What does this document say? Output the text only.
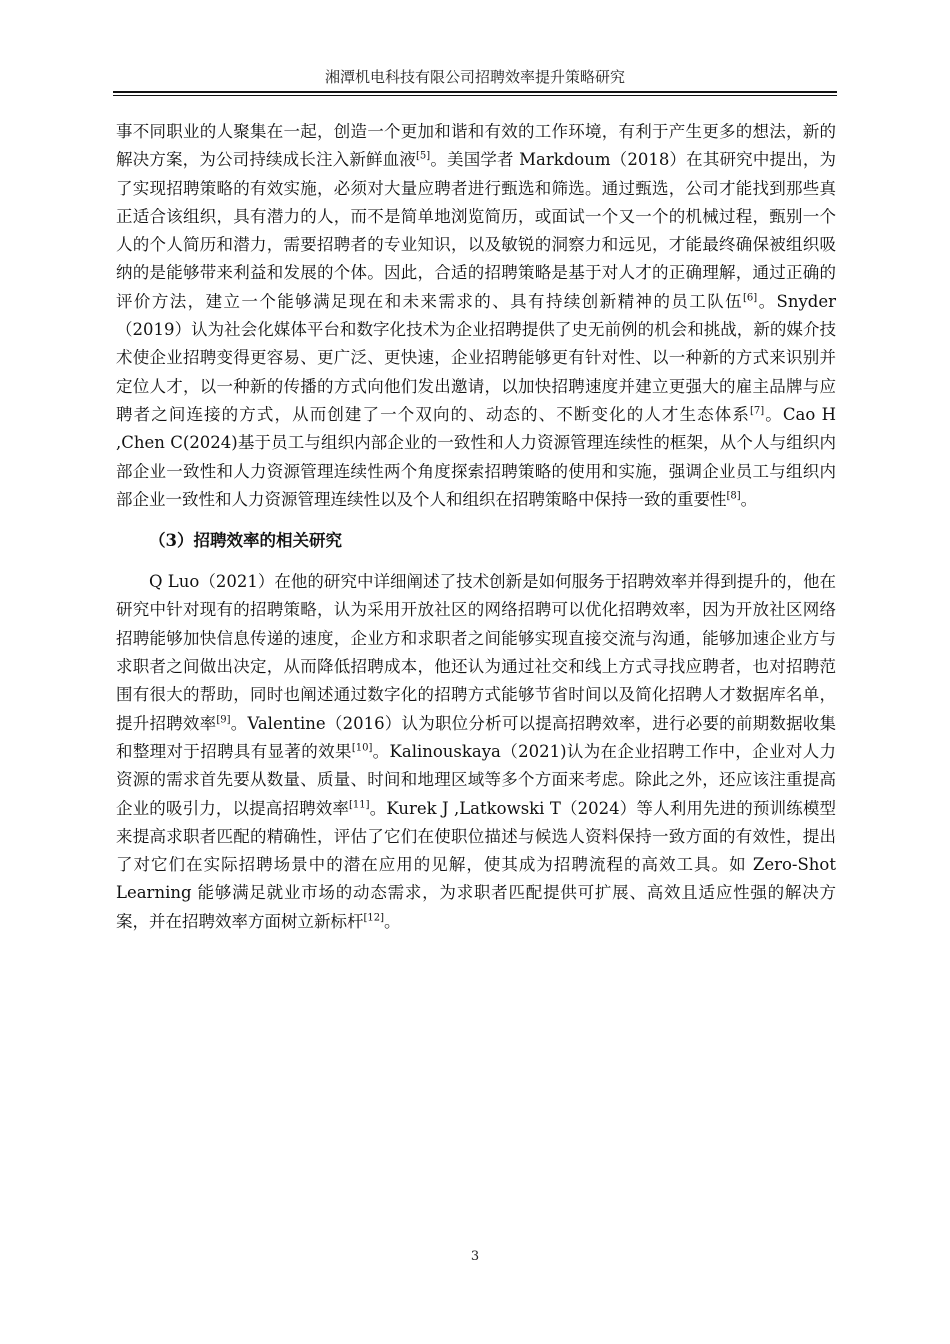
湘潭机电科技有限公司招聘效率提升策略研究

事不同职业的人聚集在一起，创造一个更加和谐和有效的工作环境，有利于产生更多的想法，新的解决方案，为公司持续成长注入新鲜血液[5]。美国学者 Markdoum（2018）在其研究中提出，为了实现招聘策略的有效实施，必须对大量应聘者进行甄选和筛选。通过甄选，公司才能找到那些真正适合该组织，具有潜力的人，而不是简单地浏览简历，或面试一个又一个的机械过程，甄别一个人的个人简历和潜力，需要招聘者的专业知识，以及敏锐的洞察力和远见，才能最终确保被组织吸纳的是能够带来利益和发展的个体。因此，合适的招聘策略是基于对人才的正确理解，通过正确的评价方法，建立一个能够满足现在和未来需求的、具有持续创新精神的员工队伍[6]。Snyder（2019）认为社会化媒体平台和数字化技术为企业招聘提供了史无前例的机会和挑战，新的媒介技术使企业招聘变得更容易、更广泛、更快速，企业招聘能够更有针对性、以一种新的方式来识别并定位人才，以一种新的传播的方式向他们发出邀请，以加快招聘速度并建立更强大的雇主品牌与应聘者之间连接的方式，从而创建了一个双向的、动态的、不断变化的人才生态体系[7]。Cao H ,Chen C(2024)基于员工与组织内部企业的一致性和人力资源管理连续性的框架，从个人与组织内部企业一致性和人力资源管理连续性两个角度探索招聘策略的使用和实施，强调企业员工与组织内部企业一致性和人力资源管理连续性以及个人和组织在招聘策略中保持一致的重要性[8]。

（3）招聘效率的相关研究

Q Luo（2021）在他的研究中详细阐述了技术创新是如何服务于招聘效率并得到提升的，他在研究中针对现有的招聘策略，认为采用开放社区的网络招聘可以优化招聘效率，因为开放社区网络招聘能够加快信息传递的速度，企业方和求职者之间能够实现直接交流与沟通，能够加速企业方与求职者之间做出决定，从而降低招聘成本，他还认为通过社交和线上方式寻找应聘者，也对招聘范围有很大的帮助，同时也阐述通过数字化的招聘方式能够节省时间以及简化招聘人才数据库名单，提升招聘效率[9]。Valentine（2016）认为职位分析可以提高招聘效率，进行必要的前期数据收集和整理对于招聘具有显著的效果[10]。Kalinouskaya（2021)认为在企业招聘工作中，企业对人力资源的需求首先要从数量、质量、时间和地理区域等多个方面来考虑。除此之外，还应该注重提高企业的吸引力，以提高招聘效率[11]。Kurek J ,Latkowski T（2024）等人利用先进的预训练模型来提高求职者匹配的精确性，评估了它们在使职位描述与候选人资料保持一致方面的有效性，提出了对它们在实际招聘场景中的潜在应用的见解，使其成为招聘流程的高效工具。如 Zero-Shot Learning 能够满足就业市场的动态需求，为求职者匹配提供可扩展、高效且适应性强的解决方案，并在招聘效率方面树立新标杆[12]。

3
